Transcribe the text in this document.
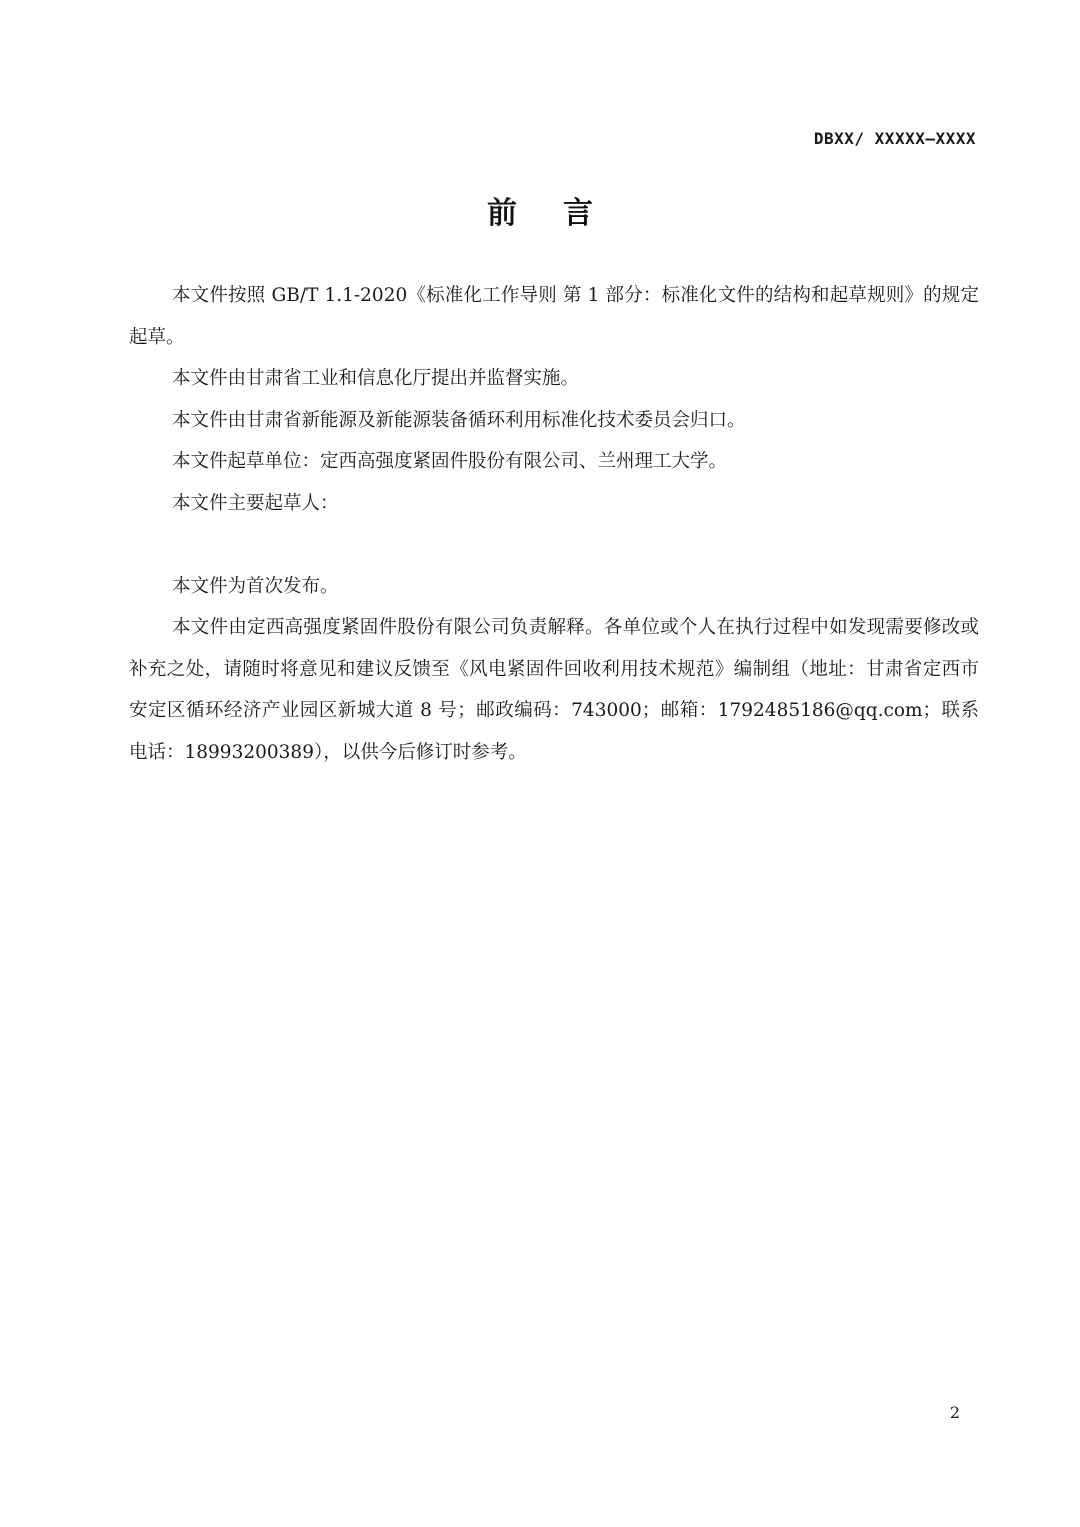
DBXX/ XXXXX—XXXX
前言

本文件按照 GB/T 1.1-2020《标准化工作导则 第 1 部分：标准化文件的结构和起草规则》的规定起草。

本文件由甘肃省工业和信息化厅提出并监督实施。

本文件由甘肃省新能源及新能源装备循环利用标准化技术委员会归口。

本文件起草单位：定西高强度紧固件股份有限公司、兰州理工大学。

本文件主要起草人：

本文件为首次发布。

本文件由定西高强度紧固件股份有限公司负责解释。各单位或个人在执行过程中如发现需要修改或补充之处，请随时将意见和建议反馈至《风电紧固件回收利用技术规范》编制组（地址：甘肃省定西市安定区循环经济产业园区新城大道 8 号；邮政编码：743000；邮箱：1792485186@qq.com；联系电话：18993200389），以供今后修订时参考。

2
